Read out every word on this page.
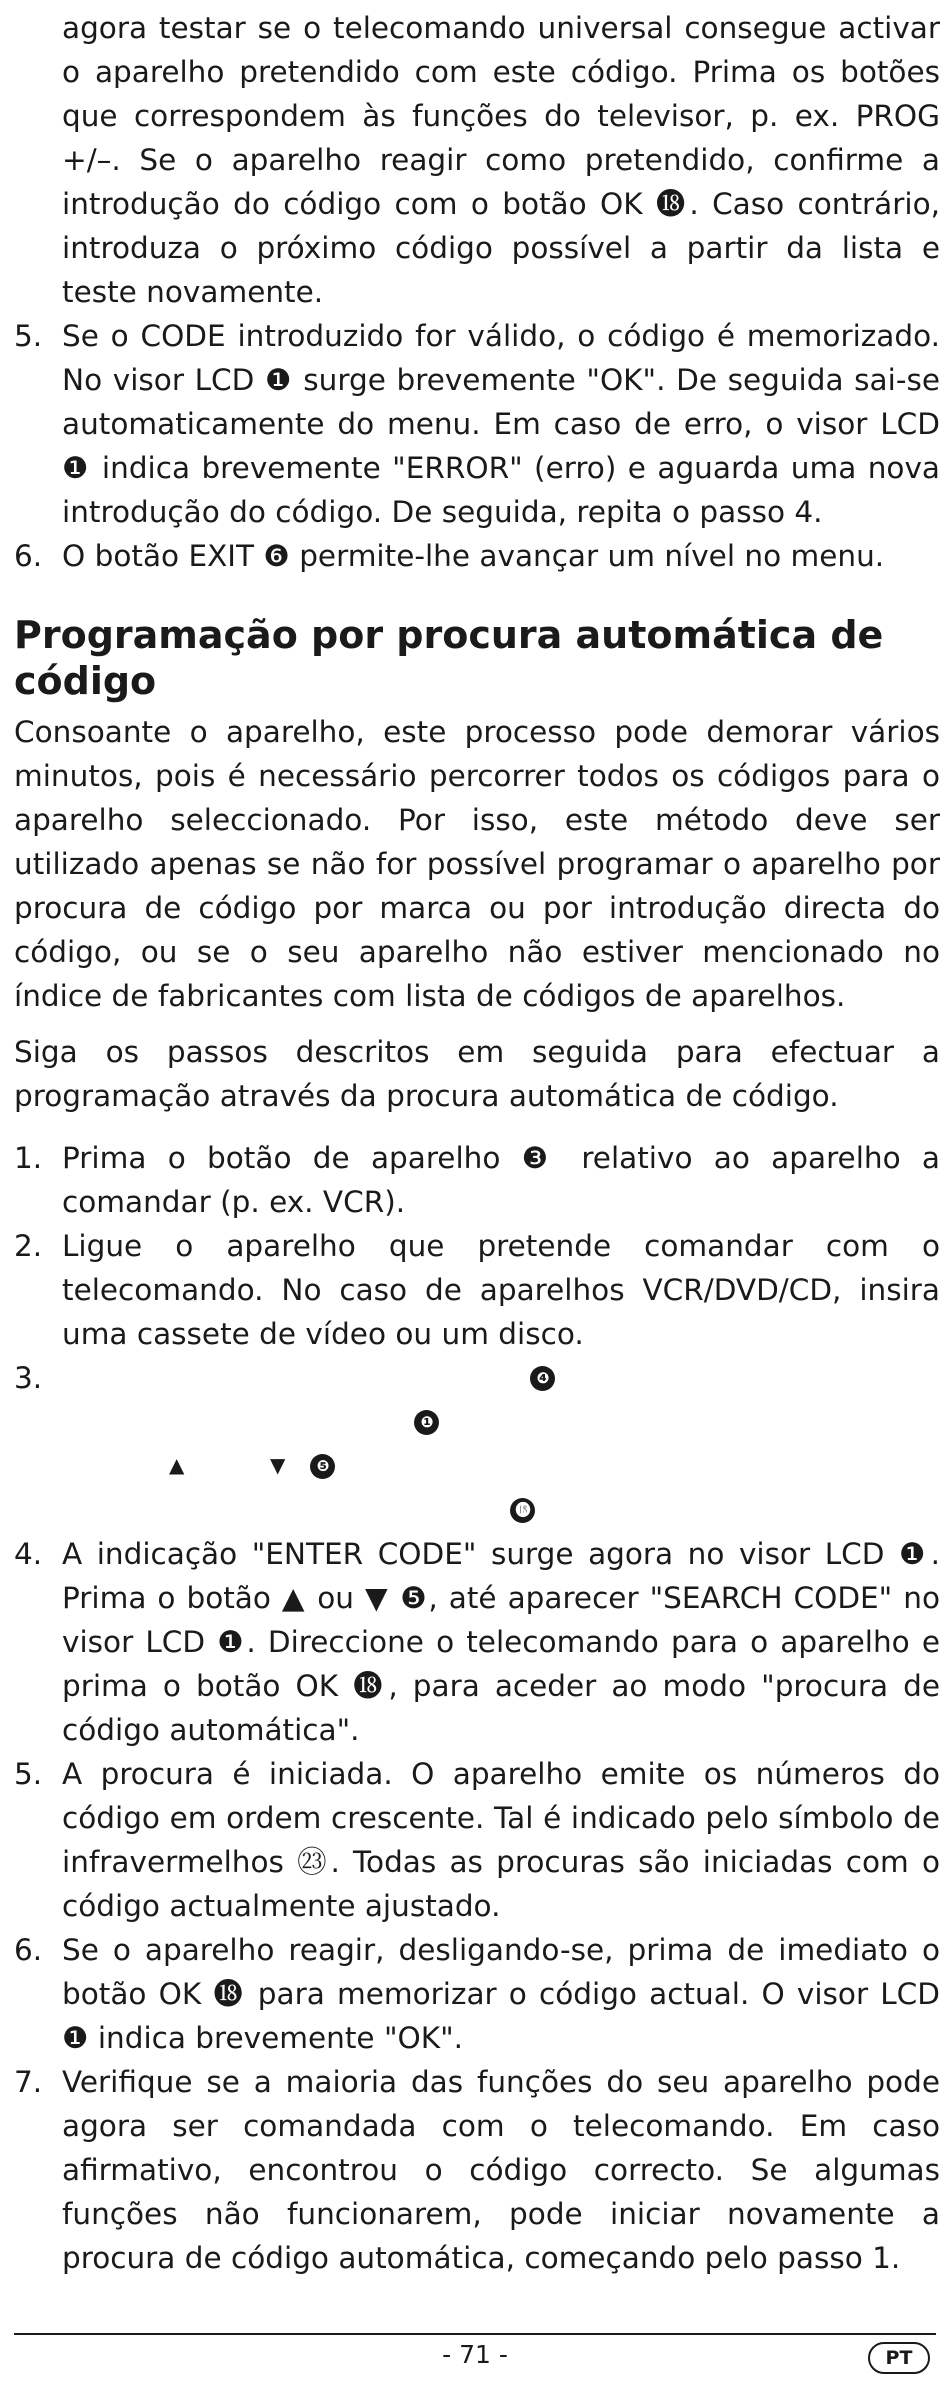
agora testar se o telecomando universal consegue activar o aparelho pretendido com este código. Prima os botões que correspondem às funções do televisor, p. ex. PROG +/–. Se o aparelho reagir como pretendido, confirme a introdução do código com o botão OK ⓲. Caso contrário, introduza o próximo código possível a partir da lista e teste novamente.

5. Se o CODE introduzido for válido, o código é memorizado. No visor LCD ❶ surge brevemente "OK". De seguida sai-se automaticamente do menu. Em caso de erro, o visor LCD ❶ indica brevemente "ERROR" (erro) e aguarda uma nova introdução do código. De seguida, repita o passo 4.
6. O botão EXIT ❻ permite-lhe avançar um nível no menu.
Programação por procura automática de código

Consoante o aparelho, este processo pode demorar vários minutos, pois é necessário percorrer todos os códigos para o aparelho seleccionado. Por isso, este método deve ser utilizado apenas se não for possível programar o aparelho por procura de código por marca ou por introdução directa do código, ou se o seu aparelho não estiver mencionado no índice de fabricantes com lista de códigos de aparelhos.

Siga os passos descritos em seguida para efectuar a programação através da procura automática de código.

1. Prima o botão de aparelho ❸ relativo ao aparelho a comandar (p. ex. VCR).
2. Ligue o aparelho que pretende comandar com o telecomando. No caso de aparelhos VCR/DVD/CD, insira uma cassete de vídeo ou um disco.
3.	❹
❶
▲	▼	❺
⓲
4. A indicação "ENTER CODE" surge agora no visor LCD ❶. Prima o botão ▲ ou ▼ ❺, até aparecer "SEARCH CODE" no visor LCD ❶. Direccione o telecomando para o aparelho e prima o botão OK ⓲, para aceder ao modo "procura de código automática".
5. A procura é iniciada. O aparelho emite os números do código em ordem crescente. Tal é indicado pelo símbolo de infravermelhos ㉓. Todas as procuras são iniciadas com o código actualmente ajustado.
6. Se o aparelho reagir, desligando-se, prima de imediato o botão OK ⓲ para memorizar o código actual. O visor LCD ❶ indica brevemente "OK".
7. Verifique se a maioria das funções do seu aparelho pode agora ser comandada com o telecomando. Em caso afirmativo, encontrou o código correcto. Se algumas funções não funcionarem, pode iniciar novamente a procura de código automática, começando pelo passo 1.
- 71 -	PT
